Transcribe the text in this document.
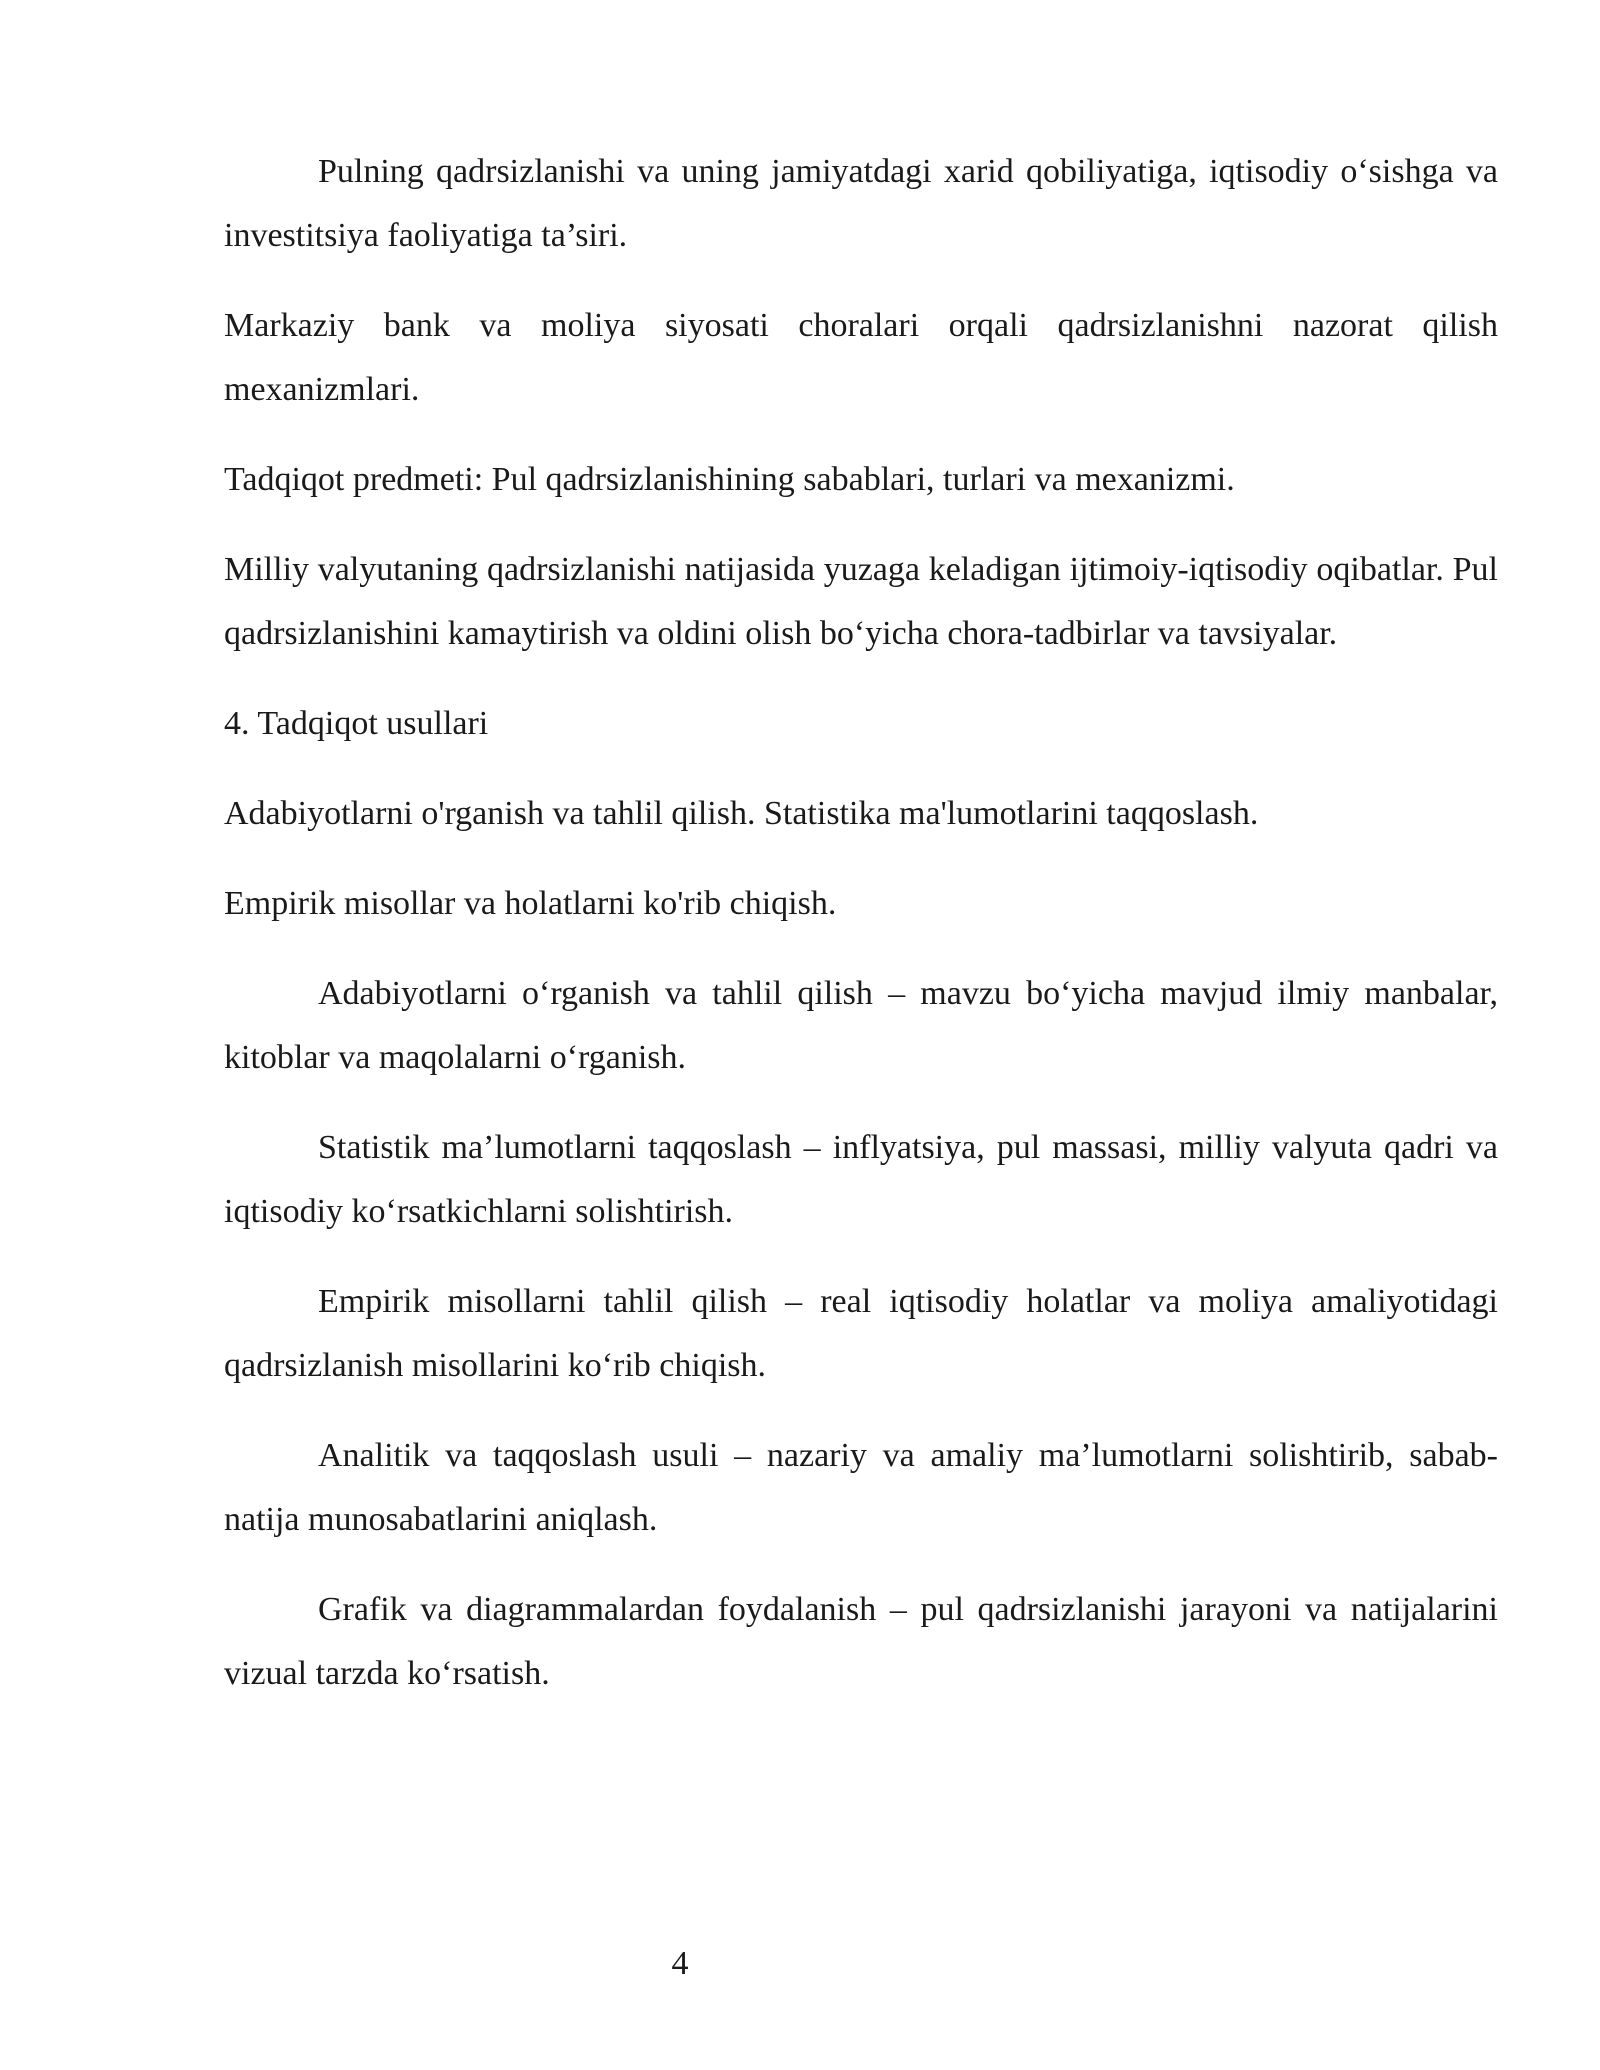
Pulning qadrsizlanishi va uning jamiyatdagi xarid qobiliyatiga, iqtisodiy o‘sishga va investitsiya faoliyatiga ta’siri.

Markaziy bank va moliya siyosati choralari orqali qadrsizlanishni nazorat qilish mexanizmlari.

Tadqiqot predmeti: Pul qadrsizlanishining sabablari, turlari va mexanizmi.

Milliy valyutaning qadrsizlanishi natijasida yuzaga keladigan ijtimoiy-iqtisodiy oqibatlar. Pul qadrsizlanishini kamaytirish va oldini olish bo‘yicha chora-tadbirlar va tavsiyalar.

4. Tadqiqot usullari

Adabiyotlarni o'rganish va tahlil qilish. Statistika ma'lumotlarini taqqoslash.

Empirik misollar va holatlarni ko'rib chiqish.

Adabiyotlarni o‘rganish va tahlil qilish – mavzu bo‘yicha mavjud ilmiy manbalar, kitoblar va maqolalarni o‘rganish.

Statistik ma’lumotlarni taqqoslash – inflyatsiya, pul massasi, milliy valyuta qadri va iqtisodiy ko‘rsatkichlarni solishtirish.

Empirik misollarni tahlil qilish – real iqtisodiy holatlar va moliya amaliyotidagi qadrsizlanish misollarini ko‘rib chiqish.

Analitik va taqqoslash usuli – nazariy va amaliy ma’lumotlarni solishtirib, sabab-natija munosabatlarini aniqlash.

Grafik va diagrammalardan foydalanish – pul qadrsizlanishi jarayoni va natijalarini vizual tarzda ko‘rsatish.

4
